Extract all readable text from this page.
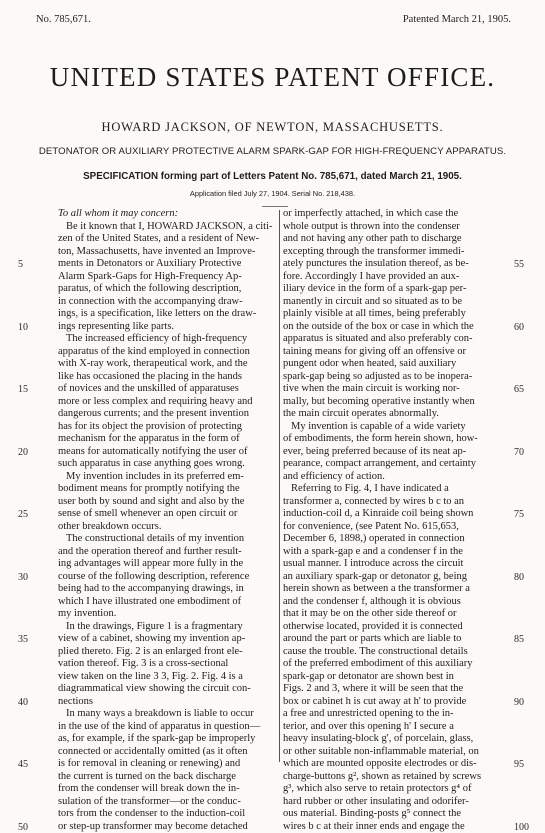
No. 785,671.	Patented March 21, 1905.
UNITED STATES PATENT OFFICE.
HOWARD JACKSON, OF NEWTON, MASSACHUSETTS.
DETONATOR OR AUXILIARY PROTECTIVE ALARM SPARK-GAP FOR HIGH-FREQUENCY APPARATUS.
SPECIFICATION forming part of Letters Patent No. 785,671, dated March 21, 1905.
Application filed July 27, 1904. Serial No. 218,438.
To all whom it may concern:
Be it known that I, HOWARD JACKSON, a citi-
zen of the United States, and a resident of New-
ton, Massachusetts, have invented an Improve-
ments in Detonators or Auxiliary Protective
Alarm Spark-Gaps for High-Frequency Ap-
paratus, of which the following description,
in connection with the accompanying draw-
ings, is a specification, like letters on the draw-
ings representing like parts.
The increased efficiency of high-frequency
apparatus of the kind employed in connection
with X-ray work, therapeutical work, and the
like has occasioned the placing in the hands
of novices and the unskilled of apparatuses
more or less complex and requiring heavy and
dangerous currents; and the present invention
has for its object the provision of protecting
mechanism for the apparatus in the form of
means for automatically notifying the user of
such apparatus in case anything goes wrong.
My invention includes in its preferred em-
bodiment means for promptly notifying the
user both by sound and sight and also by the
sense of smell whenever an open circuit or
other breakdown occurs.
The constructional details of my invention
and the operation thereof and further result-
ing advantages will appear more fully in the
course of the following description, reference
being had to the accompanying drawings, in
which I have illustrated one embodiment of
my invention.
In the drawings, Figure 1 is a fragmentary
view of a cabinet, showing my invention ap-
plied thereto. Fig. 2 is an enlarged front ele-
vation thereof. Fig. 3 is a cross-sectional
view taken on the line 3 3, Fig. 2. Fig. 4 is a
diagrammatical view showing the circuit con-
nections
In many ways a breakdown is liable to occur
in the use of the kind of apparatus in question—
as, for example, if the spark-gap be improperly
connected or accidentally omitted (as it often
is for removal in cleaning or renewing) and
the current is turned on the back discharge
from the condenser will break down the in-
sulation of the transformer—or the conduc-
tors from the condenser to the induction-coil
or step-up transformer may become detached
or imperfectly attached, in which case the
whole output is thrown into the condenser
and not having any other path to discharge
excepting through the transformer immedi-
ately punctures the insulation thereof, as be-
fore. Accordingly I have provided an aux-
iliary device in the form of a spark-gap per-
manently in circuit and so situated as to be
plainly visible at all times, being preferably
on the outside of the box or case in which the
apparatus is situated and also preferably con-
taining means for giving off an offensive or
pungent odor when heated, said auxiliary
spark-gap being so adjusted as to be inopera-
tive when the main circuit is working nor-
mally, but becoming operative instantly when
the main circuit operates abnormally.
My invention is capable of a wide variety
of embodiments, the form herein shown, how-
ever, being preferred because of its neat ap-
pearance, compact arrangement, and certainty
and efficiency of action.
Referring to Fig. 4, I have indicated a
transformer a, connected by wires b c to an
induction-coil d, a Kinraide coil being shown
for convenience, (see Patent No. 615,653,
December 6, 1898,) operated in connection
with a spark-gap e and a condenser f in the
usual manner. I introduce across the circuit
an auxiliary spark-gap or detonator g, being
herein shown as between a the transformer a
and the condenser f, although it is obvious
that it may be on the other side thereof or
otherwise located, provided it is connected
around the part or parts which are liable to
cause the trouble. The constructional details
of the preferred embodiment of this auxiliary
spark-gap or detonator are shown best in
Figs. 2 and 3, where it will be seen that the
box or cabinet h is cut away at h' to provide
a free and unrestricted opening to the in-
terior, and over this opening h' I secure a
heavy insulating-block g', of porcelain, glass,
or other suitable non-inflammable material, on
which are mounted opposite electrodes or dis-
charge-buttons g², shown as retained by screws
g³, which also serve to retain protectors g⁴ of
hard rubber or other insulating and odorifer-
ous material. Binding-posts g⁵ connect the
wires b c at their inner ends and engage the
5
10
15
20
25
30
35
40
45
50
55
60
65
70
75
80
85
90
95
100
